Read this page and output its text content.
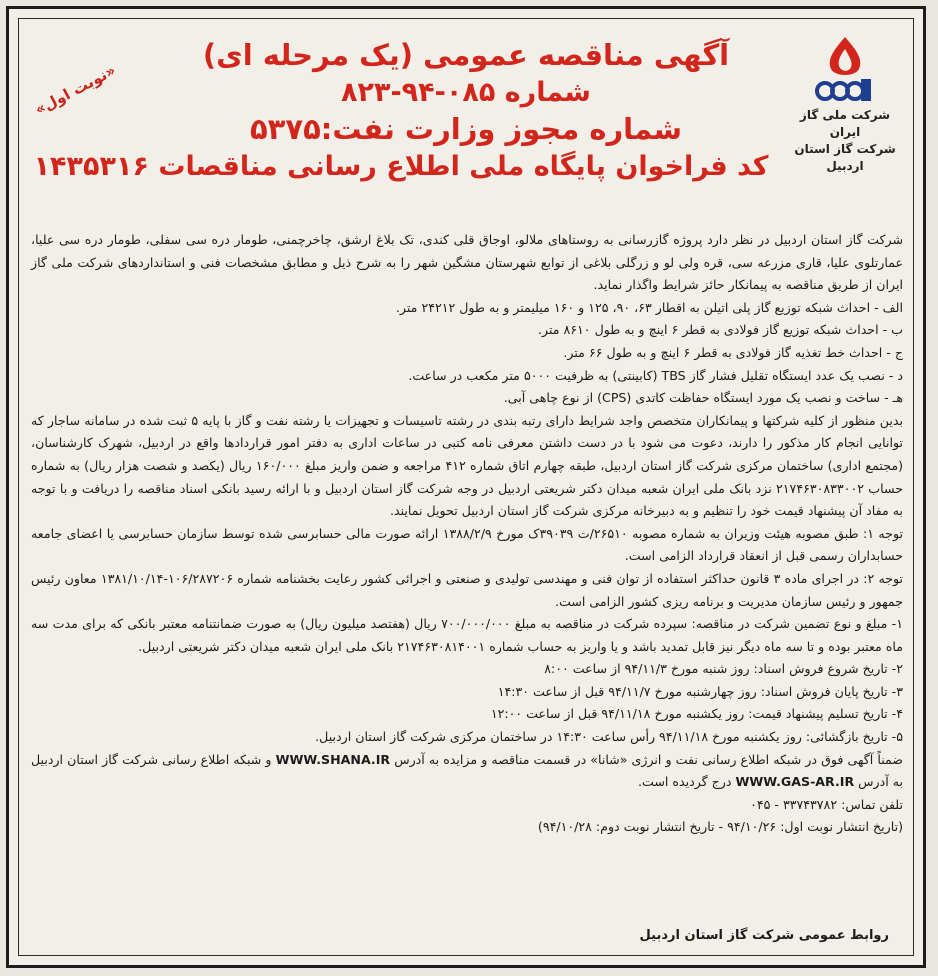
شرکت ملی گاز ایران
شرکت گاز استان اردبیل
«نوبت اول»
آگهی مناقصه عمومی (یک مرحله ای)
شماره ۰۸۵-۹۴-۸۲۳
شماره مجوز وزارت نفت:۵۳۷۵
کد فراخوان پایگاه ملی اطلاع رسانی مناقصات ۱۴۳۵۳۱۶

شرکت گاز استان اردبیل در نظر دارد پروژه گازرسانی به روستاهای ملالو، اوجاق قلی کندی، تک بلاغ ارشق، چاخرچمنی، طومار دره سی سفلی، طومار دره سی علیا، عمارتلوی علیا، قاری مزرعه سی، قره ولی لو و زرگلی بلاغی از توابع شهرستان مشگین شهر را به شرح ذیل و مطابق مشخصات فنی و استانداردهای شرکت ملی گاز ایران از طریق مناقصه به پیمانکار حائز شرایط واگذار نماید.

الف - احداث شبکه توزیع گاز پلی اتیلن به اقطار ۶۳، ۹۰، ۱۲۵ و ۱۶۰ میلیمتر و به طول ۲۴۲۱۲ متر.

ب - احداث شبکه توزیع گاز فولادی به قطر ۶ اینچ و به طول ۸۶۱۰ متر.

ج - احداث خط تغذیه گاز فولادی به قطر ۶ اینچ و به طول ۶۶ متر.

د - نصب یک عدد ایستگاه تقلیل فشار گاز TBS (کابینتی) به ظرفیت ۵۰۰۰ متر مکعب در ساعت.

هـ - ساخت و نصب یک مورد ایستگاه حفاظت کاتدی (CPS) از نوع چاهی آبی.

بدین منظور از کلیه شرکتها و پیمانکاران متخصص واجد شرایط دارای رتبه بندی در رشته تاسیسات و تجهیزات یا رشته نفت و گاز با پایه ۵ ثبت شده در سامانه ساجار که توانایی انجام کار مذکور را دارند، دعوت می شود با در دست داشتن معرفی نامه کتبی در ساعات اداری به دفتر امور قراردادها واقع در اردبیل، شهرک کارشناسان، (مجتمع اداری) ساختمان مرکزی شرکت گاز استان اردبیل، طبقه چهارم اتاق شماره ۴۱۲ مراجعه و ضمن واریز مبلغ ۱۶۰/۰۰۰ ریال (یکصد و شصت هزار ریال) به شماره حساب ۲۱۷۴۶۳۰۸۳۳۰۰۲ نزد بانک ملی ایران شعبه میدان دکتر شریعتی اردبیل در وجه شرکت گاز استان اردبیل و با ارائه رسید بانکی اسناد مناقصه را دریافت و با توجه به مفاد آن پیشنهاد قیمت خود را تنظیم و به دبیرخانه مرکزی شرکت گاز استان اردبیل تحویل نمایند.

توجه ۱: طبق مصوبه هیئت وزیران به شماره مصوبه ۲۶۵۱۰/ت ۳۹۰۳۹ک مورخ ۱۳۸۸/۲/۹ ارائه صورت مالی حسابرسی شده توسط سازمان حسابرسی یا اعضای جامعه حسابداران رسمی قبل از انعقاد قرارداد الزامی است.

توجه ۲: در اجرای ماده ۳ قانون حداکثر استفاده از توان فنی و مهندسی تولیدی و صنعتی و اجرائی کشور رعایت بخشنامه شماره ۱۰۶/۲۸۷۲۰۶-۱۳۸۱/۱۰/۱۴ معاون رئیس جمهور و رئیس سازمان مدیریت و برنامه ریزی کشور الزامی است.

۱- مبلغ و نوع تضمین شرکت در مناقصه: سپرده شرکت در مناقصه به مبلغ ۷۰۰/۰۰۰/۰۰۰ ریال (هفتصد میلیون ریال) به صورت ضمانتنامه معتبر بانکی که برای مدت سه ماه معتبر بوده و تا سه ماه دیگر نیز قابل تمدید باشد و یا واریز به حساب شماره ۲۱۷۴۶۳۰۸۱۴۰۰۱ بانک ملی ایران شعبه میدان دکتر شریعتی اردبیل.

۲- تاریخ شروع فروش اسناد: روز شنبه مورخ ۹۴/۱۱/۳ از ساعت ۸:۰۰

۳- تاریخ پایان فروش اسناد: روز چهارشنبه مورخ ۹۴/۱۱/۷ قبل از ساعت ۱۴:۳۰

۴- تاریخ تسلیم پیشنهاد قیمت: روز یکشنبه مورخ ۹۴/۱۱/۱۸ قبل از ساعت ۱۲:۰۰

۵- تاریخ بازگشائی: روز یکشنبه مورخ ۹۴/۱۱/۱۸ رأس ساعت ۱۴:۳۰ در ساختمان مرکزی شرکت گاز استان اردبیل.

ضمناً آگهی فوق در شبکه اطلاع رسانی نفت و انرژی «شانا» در قسمت مناقصه و مزایده به آدرس WWW.SHANA.IR و شبکه اطلاع رسانی شرکت گاز استان اردبیل به آدرس WWW.GAS-AR.IR درج گردیده است.

تلفن تماس: ۳۳۷۴۳۷۸۲ - ۰۴۵

(تاریخ انتشار نوبت اول: ۹۴/۱۰/۲۶ - تاریخ انتشار نوبت دوم: ۹۴/۱۰/۲۸)

روابط عمومی شرکت گاز استان اردبیل
